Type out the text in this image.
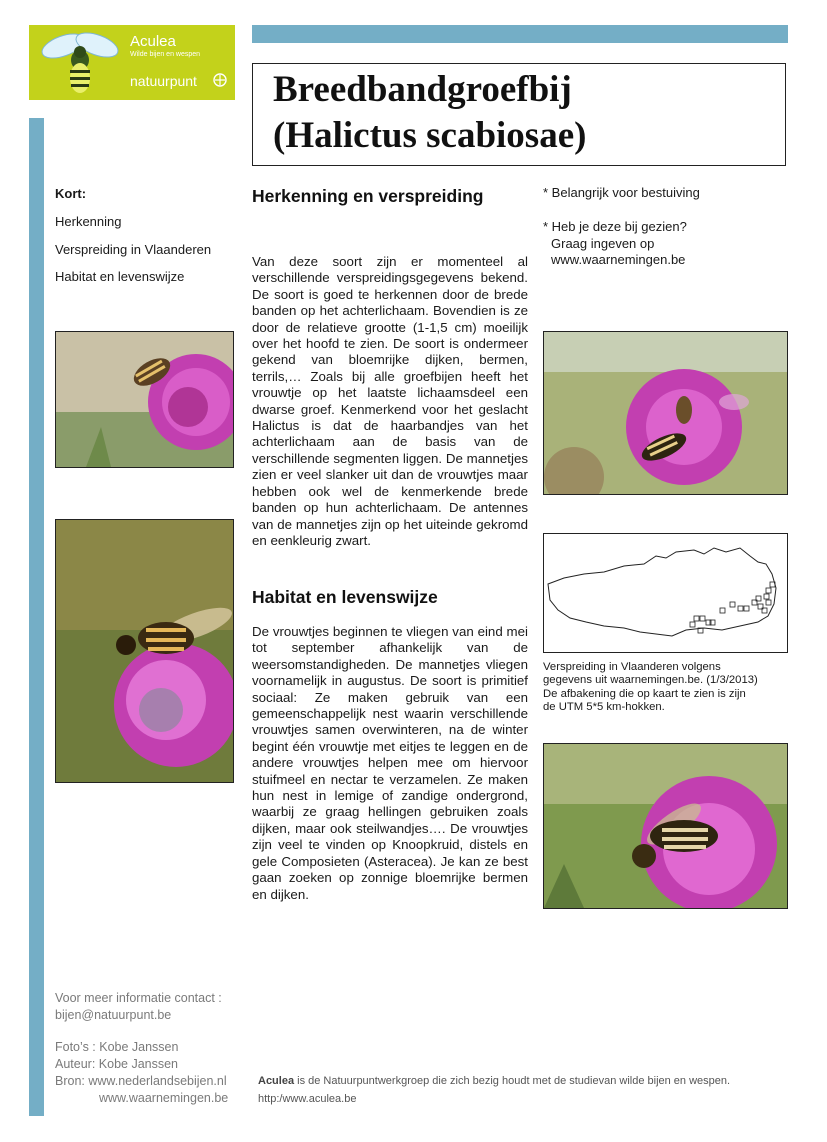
Aculea
Wilde bijen en wespen
natuurpunt Breedbandgroefbij
(Halictus scabiosae)
Kort:
Herkenning
Verspreiding in Vlaanderen
Habitat en levenswijze
Herkenning en verspreiding

Van deze soort zijn er momenteel al verschillende verspreidingsgegevens bekend. De soort is goed te herkennen door de brede banden op het achterlichaam. Bovendien is ze door de relatieve grootte (1-1,5 cm) moeilijk over het hoofd te zien. De soort is ondermeer gekend van bloemrijke dijken, bermen, terrils,… Zoals bij alle groefbijen heeft het vrouwtje op het laatste lichaamsdeel een dwarse groef. Kenmerkend voor het geslacht Halictus is dat de haarbandjes van het achterlichaam aan de basis van de verschillende segmenten liggen. De mannetjes zien er veel slanker uit dan de vrouwtjes maar hebben ook wel de kenmerkende brede banden op hun achterlichaam. De antennes van de mannetjes zijn op het uiteinde gekromd en eenkleurig zwart.

Habitat en levenswijze

De vrouwtjes beginnen te vliegen van eind mei tot september afhankelijk van de weersomstandigheden. De mannetjes vliegen voornamelijk in augustus. De soort is primitief sociaal: Ze maken gebruik van een gemeenschappelijk nest waarin verschillende vrouwtjes samen overwinteren, na de winter begint één vrouwtje met eitjes te leggen en de andere vrouwtjes helpen mee om hiervoor stuifmeel en nectar te verzamelen. Ze maken hun nest in lemige of zandige ondergrond, waarbij ze graag hellingen gebruiken zoals dijken, maar ook steilwandjes…. De vrouwtjes zijn veel te vinden op Knoopkruid, distels en gele Composieten (Asteracea). Je kan ze best gaan zoeken op zonnige bloemrijke bermen en dijken.

* Belangrijk voor bestuiving
* Heb je deze bij gezien?
Graag ingeven op
www.waarnemingen.be
Verspreiding in Vlaanderen volgens
gegevens uit waarnemingen.be. (1/3/2013)
De afbakening die op kaart te zien is zijn
de UTM 5*5 km-hokken.
Voor meer informatie contact :
bijen@natuurpunt.be
Foto’s : Kobe Janssen
Auteur: Kobe Janssen
Bron: www.nederlandsebijen.nl
www.waarnemingen.be
Aculea is de Natuurpuntwerkgroep die zich bezig houdt met de studievan wilde bijen en wespen.
http:/www.aculea.be
